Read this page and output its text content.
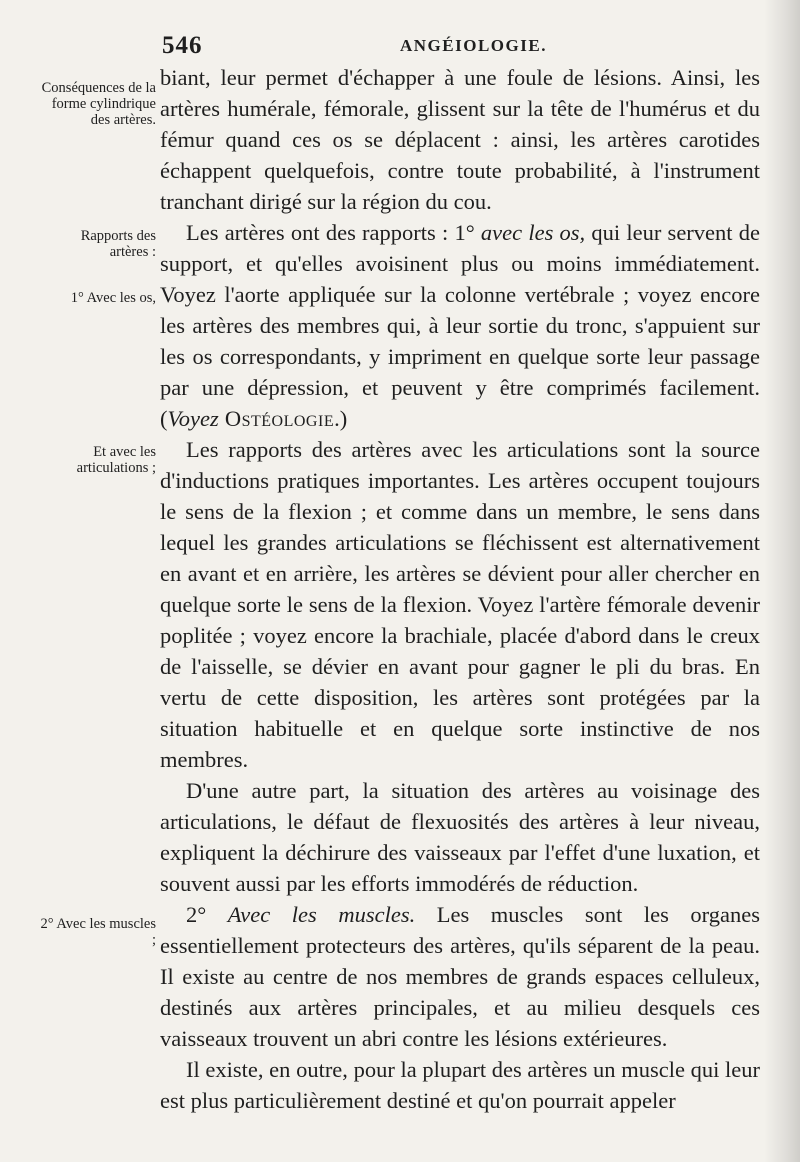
546	ANGÉIOLOGIE.
Conséquences de la forme cylindrique des artères.
Rapports des artères :
1° Avec les os,
Et avec les articulations ;
2° Avec les muscles ;

biant, leur permet d'échapper à une foule de lésions. Ainsi, les artères humérale, fémorale, glissent sur la tête de l'humérus et du fémur quand ces os se déplacent : ainsi, les artères carotides échappent quelquefois, contre toute probabilité, à l'instrument tranchant dirigé sur la région du cou.

Les artères ont des rapports : 1° avec les os, qui leur servent de support, et qu'elles avoisinent plus ou moins immédiatement. Voyez l'aorte appliquée sur la colonne vertébrale ; voyez encore les artères des membres qui, à leur sortie du tronc, s'appuient sur les os correspondants, y impriment en quelque sorte leur passage par une dépression, et peuvent y être comprimés facilement. (Voyez Ostéologie.)

Les rapports des artères avec les articulations sont la source d'inductions pratiques importantes. Les artères occupent toujours le sens de la flexion ; et comme dans un membre, le sens dans lequel les grandes articulations se fléchissent est alternativement en avant et en arrière, les artères se dévient pour aller chercher en quelque sorte le sens de la flexion. Voyez l'artère fémorale devenir poplitée ; voyez encore la brachiale, placée d'abord dans le creux de l'aisselle, se dévier en avant pour gagner le pli du bras. En vertu de cette disposition, les artères sont protégées par la situation habituelle et en quelque sorte instinctive de nos membres.

D'une autre part, la situation des artères au voisinage des articulations, le défaut de flexuosités des artères à leur niveau, expliquent la déchirure des vaisseaux par l'effet d'une luxation, et souvent aussi par les efforts immodérés de réduction.

2° Avec les muscles. Les muscles sont les organes essentiellement protecteurs des artères, qu'ils séparent de la peau. Il existe au centre de nos membres de grands espaces celluleux, destinés aux artères principales, et au milieu desquels ces vaisseaux trouvent un abri contre les lésions extérieures.

Il existe, en outre, pour la plupart des artères un muscle qui leur est plus particulièrement destiné et qu'on pourrait appeler
